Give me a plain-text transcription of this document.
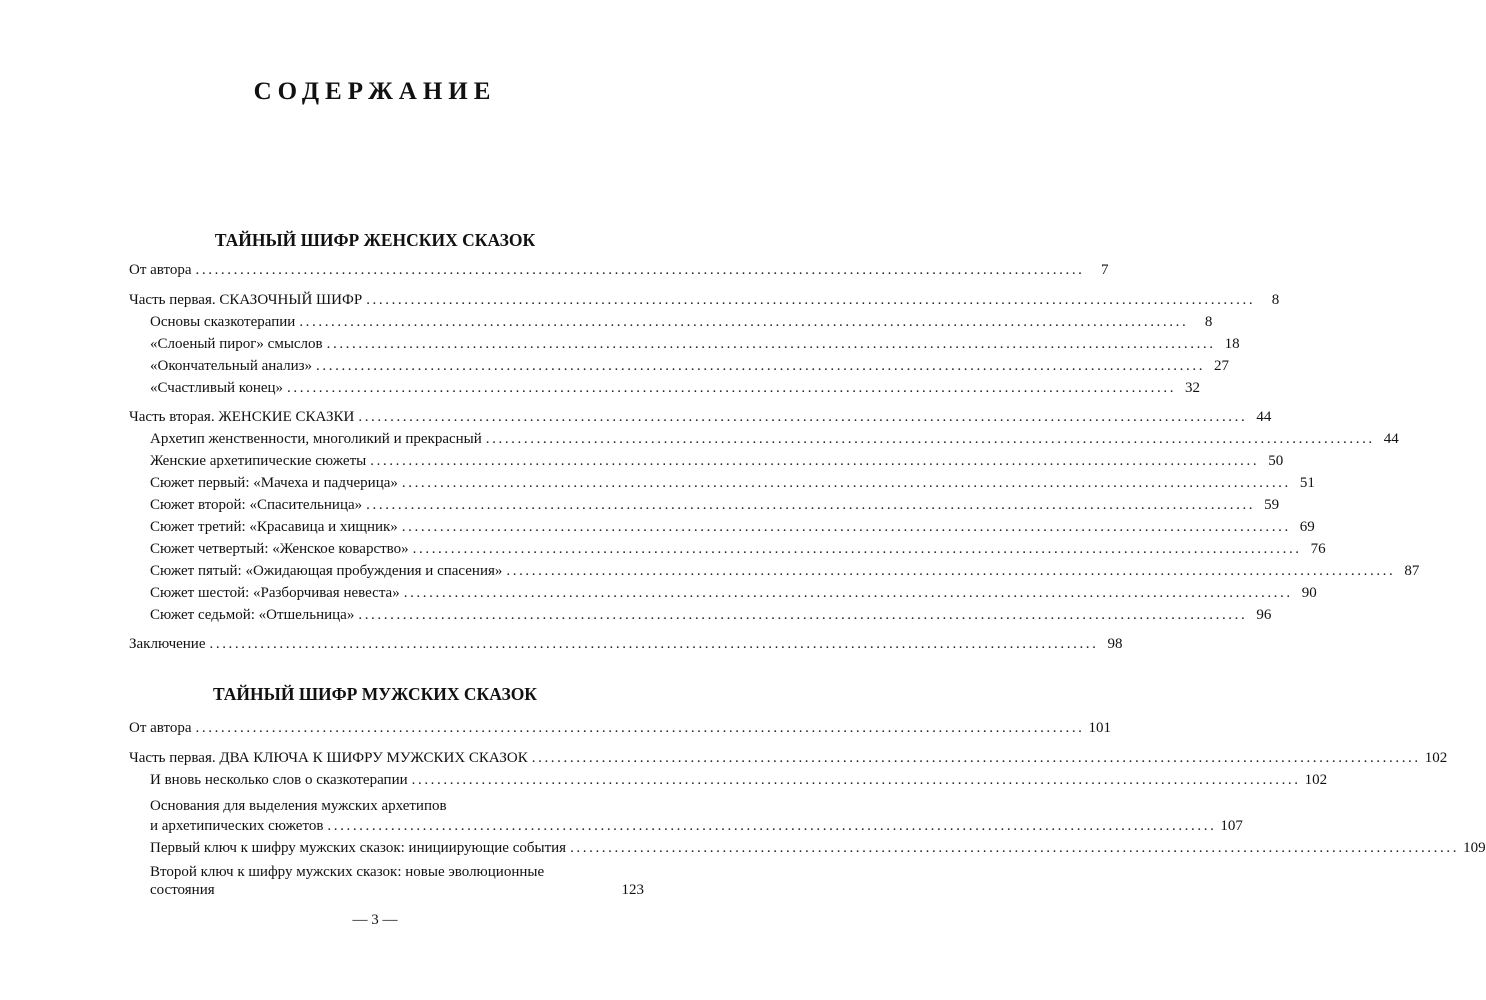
СОДЕРЖАНИЕ
ТАЙНЫЙ ШИФР ЖЕНСКИХ СКАЗОК
От автора ............................................................................................................................................	7
Часть первая. СКАЗОЧНЫЙ ШИФР ............................................................................................................................................	8
Основы сказкотерапии ............................................................................................................................................	8
«Слоеный пирог» смыслов ............................................................................................................................................ 18
«Окончательный анализ» ............................................................................................................................................ 27
«Счастливый конец» ............................................................................................................................................ 32
Часть вторая. ЖЕНСКИЕ СКАЗКИ ............................................................................................................................................ 44
Архетип женственности, многоликий и прекрасный ............................................................................................................................................ 44
Женские архетипические сюжеты ............................................................................................................................................ 50
Сюжет первый: «Мачеха и падчерица» ............................................................................................................................................ 51
Сюжет второй: «Спасительница» ............................................................................................................................................ 59
Сюжет третий: «Красавица и хищник» ............................................................................................................................................ 69
Сюжет четвертый: «Женское коварство» ............................................................................................................................................ 76
Сюжет пятый: «Ожидающая пробуждения и спасения» ............................................................................................................................................ 87
Сюжет шестой: «Разборчивая невеста» ............................................................................................................................................ 90
Сюжет седьмой: «Отшельница» ............................................................................................................................................ 96
Заключение ............................................................................................................................................ 98
ТАЙНЫЙ ШИФР МУЖСКИХ СКАЗОК
От автора ............................................................................................................................................ 101
Часть первая. ДВА КЛЮЧА К ШИФРУ МУЖСКИХ СКАЗОК ............................................................................................................................................ 102
И вновь несколько слов о сказкотерапии ............................................................................................................................................ 102
Основания для выделения мужских архетипов
и архетипических сюжетов ............................................................................................................................................ 107
Первый ключ к шифру мужских сказок: инициирующие события ............................................................................................................................................ 109
Второй ключ к шифру мужских сказок: новые эволюционные
состояния	123
— 3 —
